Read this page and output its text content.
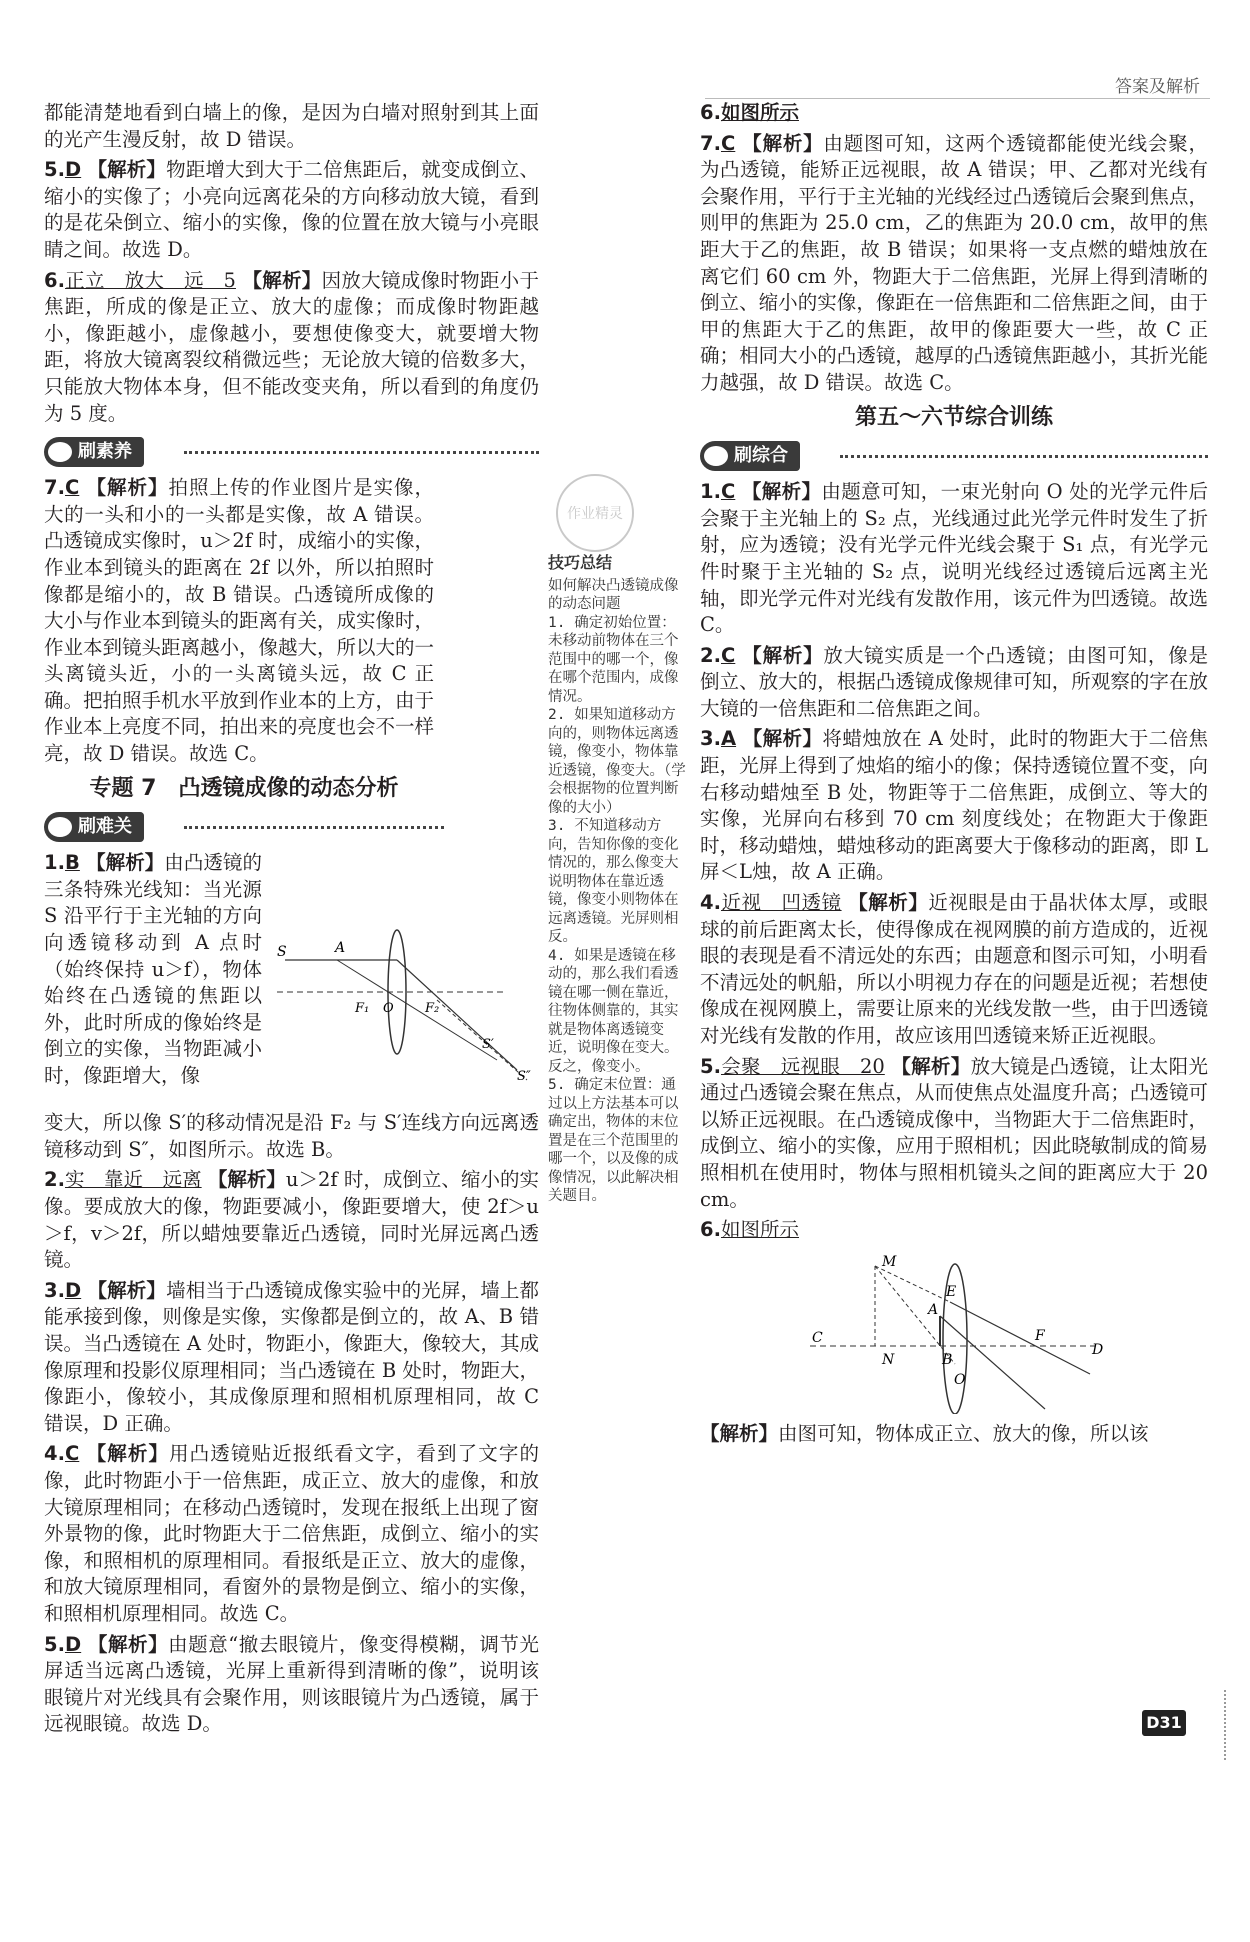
答案及解析

都能清楚地看到白墙上的像，是因为白墙对照射到其上面的光产生漫反射，故 D 错误。

5.D 【解析】物距增大到大于二倍焦距后，就变成倒立、缩小的实像了；小亮向远离花朵的方向移动放大镜，看到的是花朵倒立、缩小的实像，像的位置在放大镜与小亮眼睛之间。故选 D。

6.正立　放大　远　5 【解析】因放大镜成像时物距小于焦距，所成的像是正立、放大的虚像；而成像时物距越小，像距越小，虚像越小，要想使像变大，就要增大物距，将放大镜离裂纹稍微远些；无论放大镜的倍数多大，只能放大物体本身，但不能改变夹角，所以看到的角度仍为 5 度。

刷素养

7.C 【解析】拍照上传的作业图片是实像，大的一头和小的一头都是实像，故 A 错误。凸透镜成实像时，u＞2f 时，成缩小的实像，作业本到镜头的距离在 2f 以外，所以拍照时像都是缩小的，故 B 错误。凸透镜所成像的大小与作业本到镜头的距离有关，成实像时，作业本到镜头距离越小，像越大，所以大的一头离镜头近，小的一头离镜头远，故 C 正确。把拍照手机水平放到作业本的上方，由于作业本上亮度不同，拍出来的亮度也会不一样亮，故 D 错误。故选 C。

专题 7　凸透镜成像的动态分析
刷难关
1.B 【解析】由凸透镜的三条特殊光线知：当光源 S 沿平行于主光轴的方向向透镜移动到 A 点时（始终保持 u＞f），物体始终在凸透镜的焦距以外，此时所成的像始终是倒立的实像，当物距减小时，像距增大，像
S	A
F₁ O F₂
S′
S″
变大，所以像 S′的移动情况是沿 F₂ 与 S′连线方向远离透镜移动到 S″，如图所示。故选 B。

2.实　靠近　远离 【解析】u＞2f 时，成倒立、缩小的实像。要成放大的像，物距要减小，像距要增大，使 2f＞u＞f，v＞2f，所以蜡烛要靠近凸透镜，同时光屏远离凸透镜。

3.D 【解析】墙相当于凸透镜成像实验中的光屏，墙上都能承接到像，则像是实像，实像都是倒立的，故 A、B 错误。当凸透镜在 A 处时，物距小，像距大，像较大，其成像原理和投影仪原理相同；当凸透镜在 B 处时，物距大，像距小，像较小，其成像原理和照相机原理相同，故 C 错误，D 正确。

4.C 【解析】用凸透镜贴近报纸看文字，看到了文字的像，此时物距小于一倍焦距，成正立、放大的虚像，和放大镜原理相同；在移动凸透镜时，发现在报纸上出现了窗外景物的像，此时物距大于二倍焦距，成倒立、缩小的实像，和照相机的原理相同。看报纸是正立、放大的虚像，和放大镜原理相同，看窗外的景物是倒立、缩小的实像，和照相机原理相同。故选 C。

5.D 【解析】由题意“撤去眼镜片，像变得模糊，调节光屏适当远离凸透镜，光屏上重新得到清晰的像”，说明该眼镜片对光线具有会聚作用，则该眼镜片为凸透镜，属于远视眼镜。故选 D。

作业精灵
技巧总结
如何解决凸透镜成像的动态问题
1. 确定初始位置：未移动前物体在三个范围中的哪一个，像在哪个范围内，成像情况。
2. 如果知道移动方向的，则物体远离透镜，像变小，物体靠近透镜，像变大。（学会根据物的位置判断像的大小）
3. 不知道移动方向，告知你像的变化情况的，那么像变大说明物体在靠近透镜，像变小则物体在远离透镜。光屏则相反。
4. 如果是透镜在移动的，那么我们看透镜在哪一侧在靠近，往物体侧靠的，其实就是物体离透镜变近，说明像在变大。反之，像变小。
5. 确定末位置：通过以上方法基本可以确定出，物体的末位置是在三个范围里的哪一个，以及像的成像情况，以此解决相关题目。

6.如图所示

7.C 【解析】由题图可知，这两个透镜都能使光线会聚，为凸透镜，能矫正远视眼，故 A 错误；甲、乙都对光线有会聚作用，平行于主光轴的光线经过凸透镜后会聚到焦点，则甲的焦距为 25.0 cm，乙的焦距为 20.0 cm，故甲的焦距大于乙的焦距，故 B 错误；如果将一支点燃的蜡烛放在离它们 60 cm 外，物距大于二倍焦距，光屏上得到清晰的倒立、缩小的实像，像距在一倍焦距和二倍焦距之间，由于甲的焦距大于乙的焦距，故甲的像距要大一些，故 C 正确；相同大小的凸透镜，越厚的凸透镜焦距越小，其折光能力越强，故 D 错误。故选 C。

第五～六节综合训练
刷综合

1.C 【解析】由题意可知，一束光射向 O 处的光学元件后会聚于主光轴上的 S₂ 点，光线通过此光学元件时发生了折射，应为透镜；没有光学元件光线会聚于 S₁ 点，有光学元件时聚于主光轴的 S₂ 点，说明光线经过透镜后远离主光轴，即光学元件对光线有发散作用，该元件为凹透镜。故选 C。

2.C 【解析】放大镜实质是一个凸透镜；由图可知，像是倒立、放大的，根据凸透镜成像规律可知，所观察的字在放大镜的一倍焦距和二倍焦距之间。

3.A 【解析】将蜡烛放在 A 处时，此时的物距大于二倍焦距，光屏上得到了烛焰的缩小的像；保持透镜位置不变，向右移动蜡烛至 B 处，物距等于二倍焦距，成倒立、等大的实像，光屏向右移到 70 cm 刻度线处；在物距大于像距时，移动蜡烛，蜡烛移动的距离要大于像移动的距离，即 L屏＜L烛，故 A 正确。

4.近视　凹透镜 【解析】近视眼是由于晶状体太厚，或眼球的前后距离太长，使得像成在视网膜的前方造成的，近视眼的表现是看不清远处的东西；由题意和图示可知，小明看不清远处的帆船，所以小明视力存在的问题是近视；若想使像成在视网膜上，需要让原来的光线发散一些，由于凹透镜对光线有发散的作用，故应该用凹透镜来矫正近视眼。

5.会聚　远视眼　20 【解析】放大镜是凸透镜，让太阳光通过凸透镜会聚在焦点，从而使焦点处温度升高；凸透镜可以矫正远视眼。在凸透镜成像中，当物距大于二倍焦距时，成倒立、缩小的实像，应用于照相机；因此晓敏制成的简易照相机在使用时，物体与照相机镜头之间的距离应大于 20 cm。

6.如图所示

M
E
A
C
N	B
F
O
D

【解析】由图可知，物体成正立、放大的像，所以该

D31
